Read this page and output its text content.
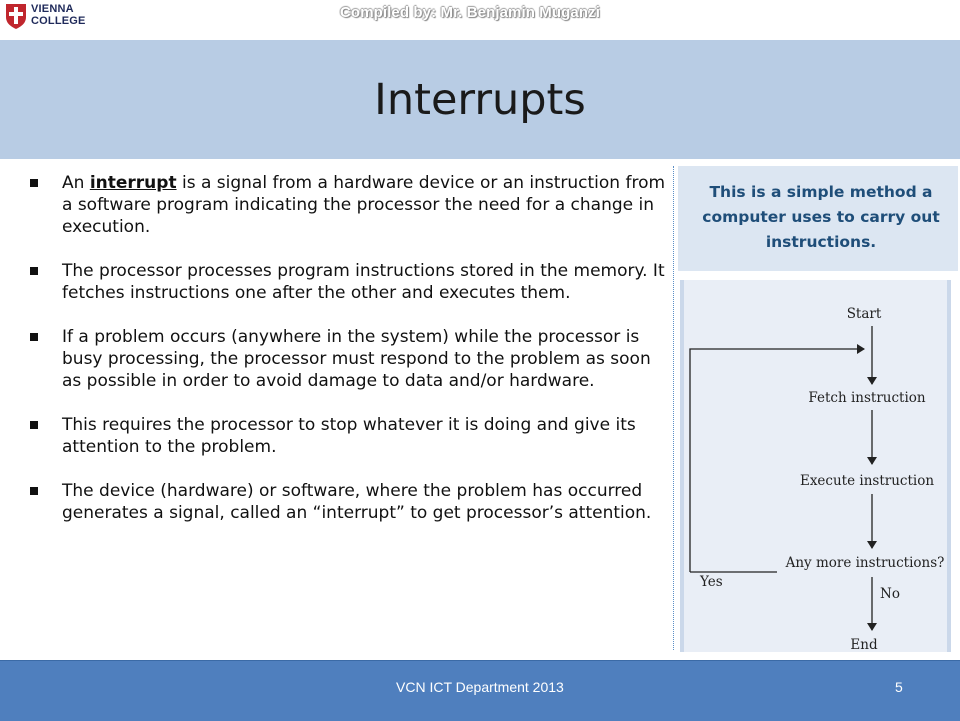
VIENNA
COLLEGE	Compiled by: Mr. Benjamin Muganzi
Interrupts
An interrupt is a signal from a hardware device or an instruction from a software program indicating the processor the need for a change in execution.
The processor processes program instructions stored in the memory. It fetches instructions one after the other and executes them.
If a problem occurs (anywhere in the system) while the processor is busy processing, the processor must respond to the problem as soon as possible in order to avoid damage to data and/or hardware.
This requires the processor to stop whatever it is doing and give its attention to the problem.
The device (hardware) or software, where the problem has occurred generates a signal, called an “interrupt” to get processor’s attention.
This is a simple method a computer uses to carry out instructions.
Start
Fetch instruction
Execute instruction
Any more instructions?
Yes
No
End
VCN ICT Department 2013	5
